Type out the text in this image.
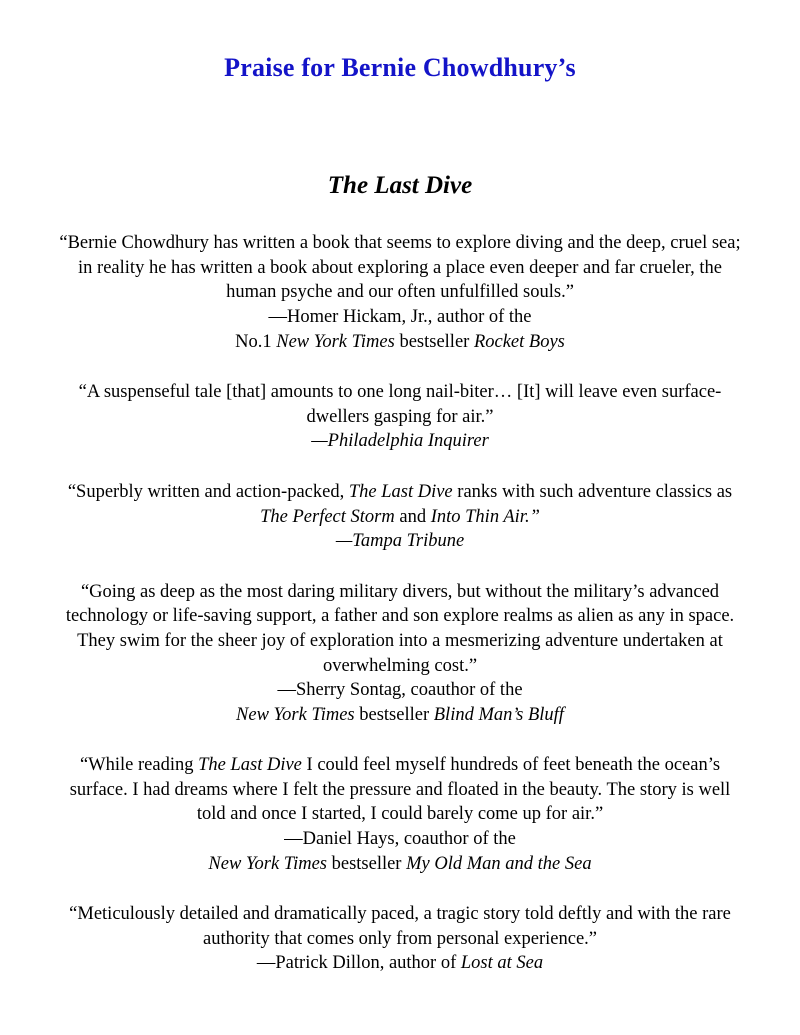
Praise for Bernie Chowdhury’s
The Last Dive
“Bernie Chowdhury has written a book that seems to explore diving and the deep, cruel sea; in reality he has written a book about exploring a place even deeper and far crueler, the human psyche and our often unfulfilled souls.”
—Homer Hickam, Jr., author of the
No.1 New York Times bestseller Rocket Boys
“A suspenseful tale [that] amounts to one long nail-biter… [It] will leave even surface-dwellers gasping for air.”
—Philadelphia Inquirer
“Superbly written and action-packed, The Last Dive ranks with such adventure classics as The Perfect Storm and Into Thin Air.”
—Tampa Tribune
“Going as deep as the most daring military divers, but without the military’s advanced technology or life-saving support, a father and son explore realms as alien as any in space. They swim for the sheer joy of exploration into a mesmerizing adventure undertaken at overwhelming cost.”
—Sherry Sontag, coauthor of the
New York Times bestseller Blind Man’s Bluff
“While reading The Last Dive I could feel myself hundreds of feet beneath the ocean’s surface. I had dreams where I felt the pressure and floated in the beauty. The story is well told and once I started, I could barely come up for air.”
—Daniel Hays, coauthor of the
New York Times bestseller My Old Man and the Sea
“Meticulously detailed and dramatically paced, a tragic story told deftly and with the rare authority that comes only from personal experience.”
—Patrick Dillon, author of Lost at Sea
